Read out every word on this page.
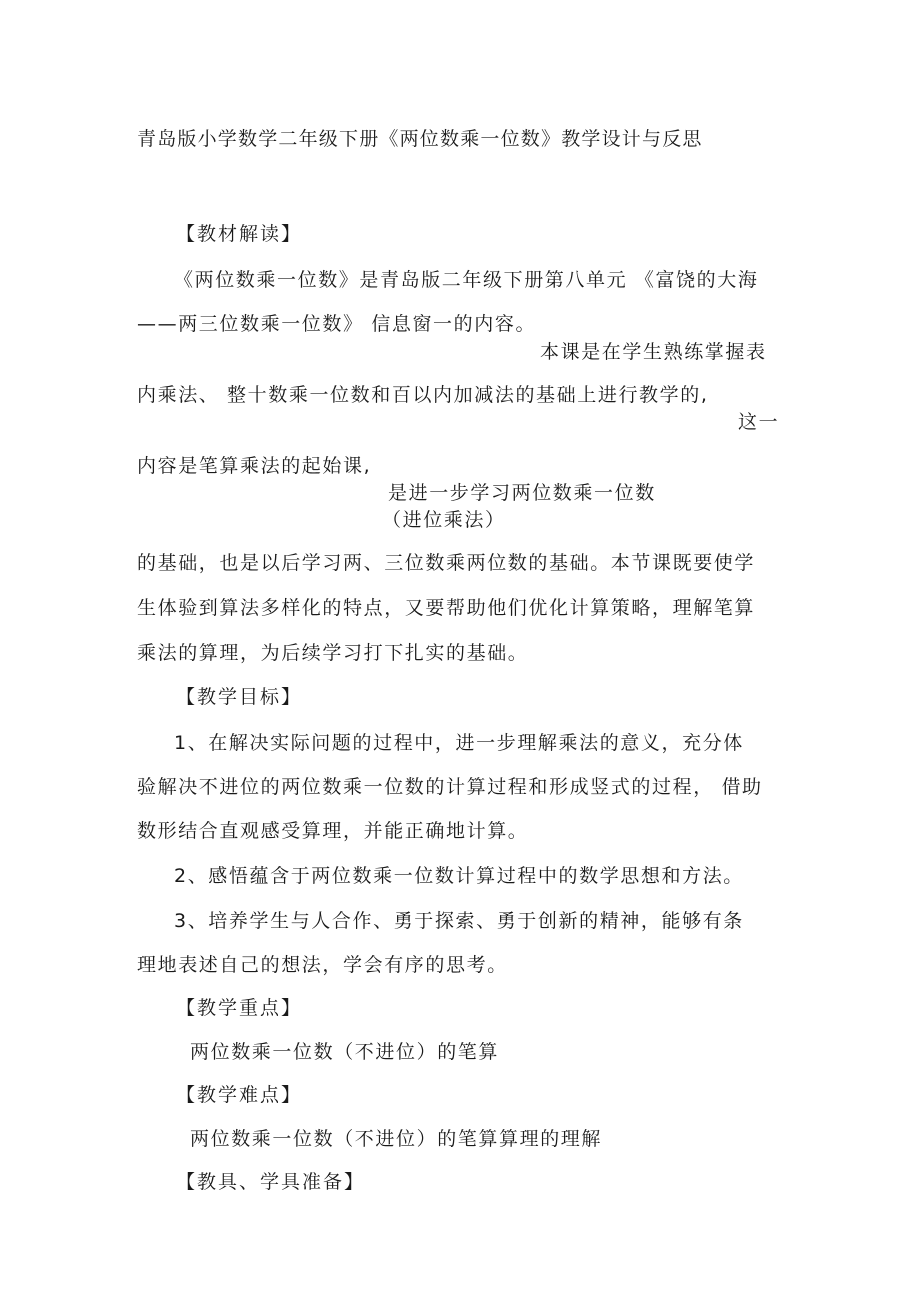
青岛版小学数学二年级下册《两位数乘一位数》教学设计与反思
【教材解读】
《两位数乘一位数》是青岛版二年级下册第八单元 《富饶的大海
——两三位数乘一位数》 信息窗一的内容。
本课是在学生熟练掌握表
内乘法、 整十数乘一位数和百以内加减法的基础上进行教学的,
这一
内容是笔算乘法的起始课,
是进一步学习两位数乘一位数
（进位乘法）
的基础，也是以后学习两、三位数乘两位数的基础。本节课既要使学
生体验到算法多样化的特点，又要帮助他们优化计算策略，理解笔算
乘法的算理，为后续学习打下扎实的基础。
【教学目标】
1、在解决实际问题的过程中，进一步理解乘法的意义，充分体
验解决不进位的两位数乘一位数的计算过程和形成竖式的过程， 借助
数形结合直观感受算理，并能正确地计算。
2、感悟蕴含于两位数乘一位数计算过程中的数学思想和方法。
3、培养学生与人合作、勇于探索、勇于创新的精神，能够有条
理地表述自己的想法，学会有序的思考。
【教学重点】
两位数乘一位数（不进位）的笔算
【教学难点】
两位数乘一位数（不进位）的笔算算理的理解
【教具、学具准备】
